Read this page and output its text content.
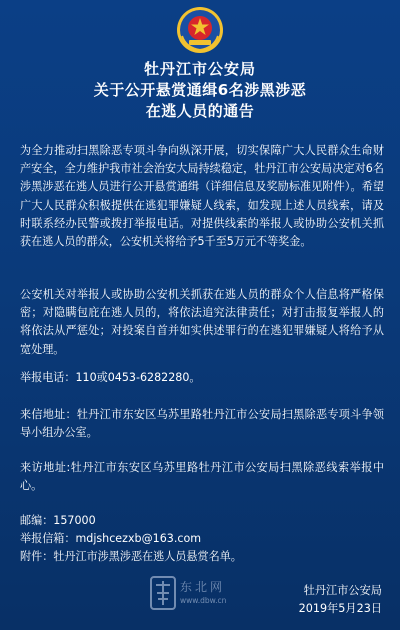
牡丹江市公安局
关于公开悬赏通缉6名涉黑涉恶
在逃人员的通告
为全力推动扫黑除恶专项斗争向纵深开展，切实保障广大人民群众生命财产安全，全力维护我市社会治安大局持续稳定，牡丹江市公安局决定对6名涉黑涉恶在逃人员进行公开悬赏通缉（详细信息及奖励标准见附件）。希望广大人民群众积极提供在逃犯罪嫌疑人线索，如发现上述人员线索，请及时联系经办民警或拨打举报电话。对提供线索的举报人或协助公安机关抓获在逃人员的群众，公安机关将给予5千至5万元不等奖金。
公安机关对举报人或协助公安机关抓获在逃人员的群众个人信息将严格保密；对隐瞒包庇在逃人员的，将依法追究法律责任；对打击报复举报人的将依法从严惩处；对投案自首并如实供述罪行的在逃犯罪嫌疑人将给予从宽处理。
举报电话：110或0453-6282280。
来信地址：牡丹江市东安区乌苏里路牡丹江市公安局扫黑除恶专项斗争领导小组办公室。
来访地址:牡丹江市东安区乌苏里路牡丹江市公安局扫黑除恶线索举报中心。
邮编：157000
举报信箱：mdjshcezxb@163.com
附件：牡丹江市涉黑涉恶在逃人员悬赏名单。
东北网
www.dbw.cn
牡丹江市公安局
2019年5月23日
